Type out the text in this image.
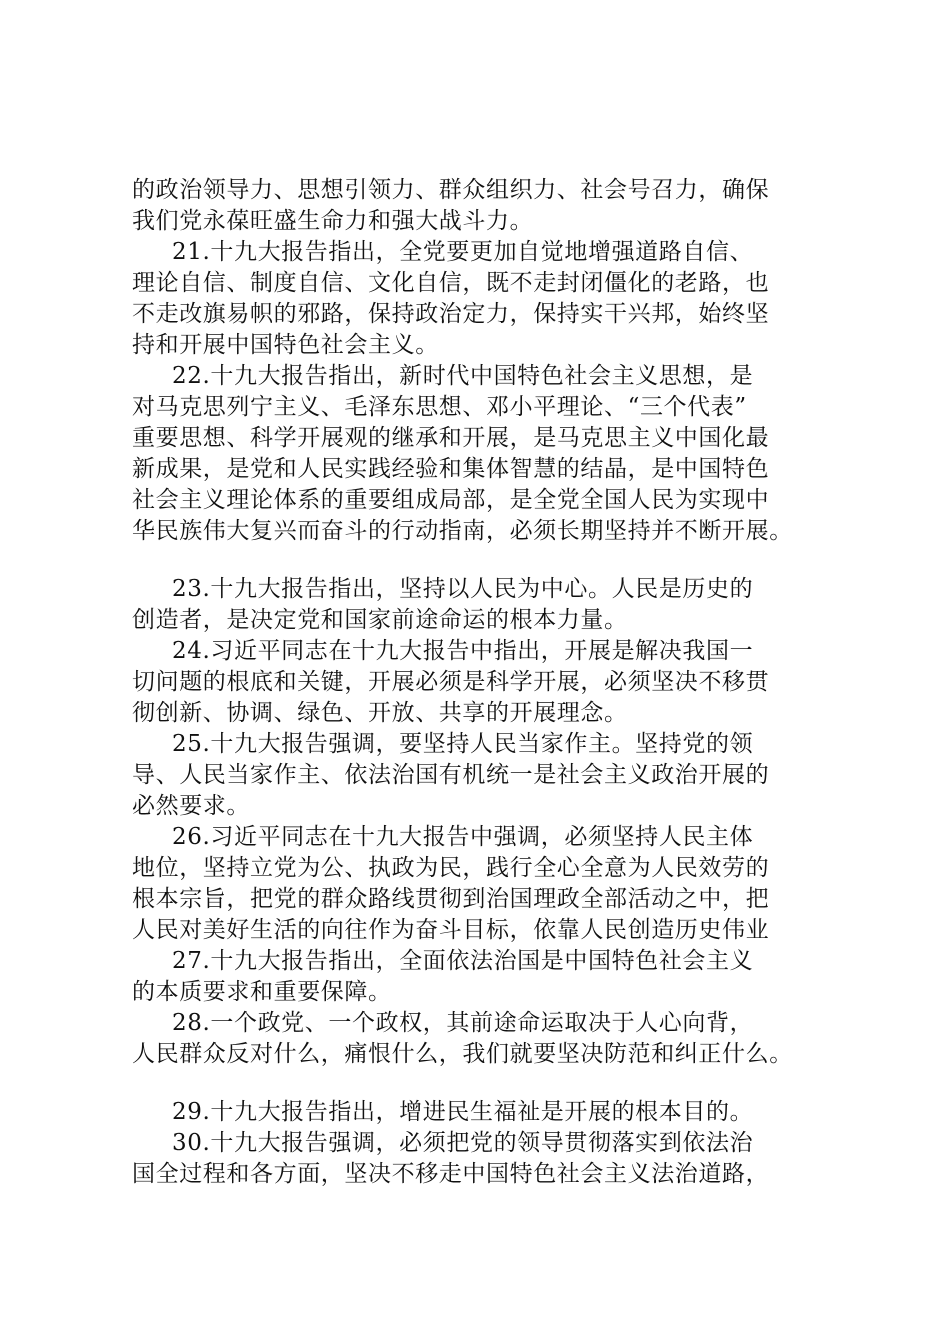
的政治领导力、思想引领力、群众组织力、社会号召力，确保
我们党永葆旺盛生命力和强大战斗力。
21.十九大报告指出，全党要更加自觉地增强道路自信、
理论自信、制度自信、文化自信，既不走封闭僵化的老路，也
不走改旗易帜的邪路，保持政治定力，保持实干兴邦，始终坚
持和开展中国特色社会主义。
22.十九大报告指出，新时代中国特色社会主义思想，是
对马克思列宁主义、毛泽东思想、邓小平理论、“三个代表”
重要思想、科学开展观的继承和开展，是马克思主义中国化最
新成果，是党和人民实践经验和集体智慧的结晶，是中国特色
社会主义理论体系的重要组成局部，是全党全国人民为实现中
华民族伟大复兴而奋斗的行动指南，必须长期坚持并不断开展。
23.十九大报告指出，坚持以人民为中心。人民是历史的
创造者，是决定党和国家前途命运的根本力量。
24.习近平同志在十九大报告中指出，开展是解决我国一
切问题的根底和关键，开展必须是科学开展，必须坚决不移贯
彻创新、协调、绿色、开放、共享的开展理念。
25.十九大报告强调，要坚持人民当家作主。坚持党的领
导、人民当家作主、依法治国有机统一是社会主义政治开展的
必然要求。
26.习近平同志在十九大报告中强调，必须坚持人民主体
地位，坚持立党为公、执政为民，践行全心全意为人民效劳的
根本宗旨，把党的群众路线贯彻到治国理政全部活动之中，把
人民对美好生活的向往作为奋斗目标，依靠人民创造历史伟业
27.十九大报告指出，全面依法治国是中国特色社会主义
的本质要求和重要保障。
28.一个政党、一个政权，其前途命运取决于人心向背，
人民群众反对什么，痛恨什么，我们就要坚决防范和纠正什么。
29.十九大报告指出，增进民生福祉是开展的根本目的。
30.十九大报告强调，必须把党的领导贯彻落实到依法治
国全过程和各方面，坚决不移走中国特色社会主义法治道路，
